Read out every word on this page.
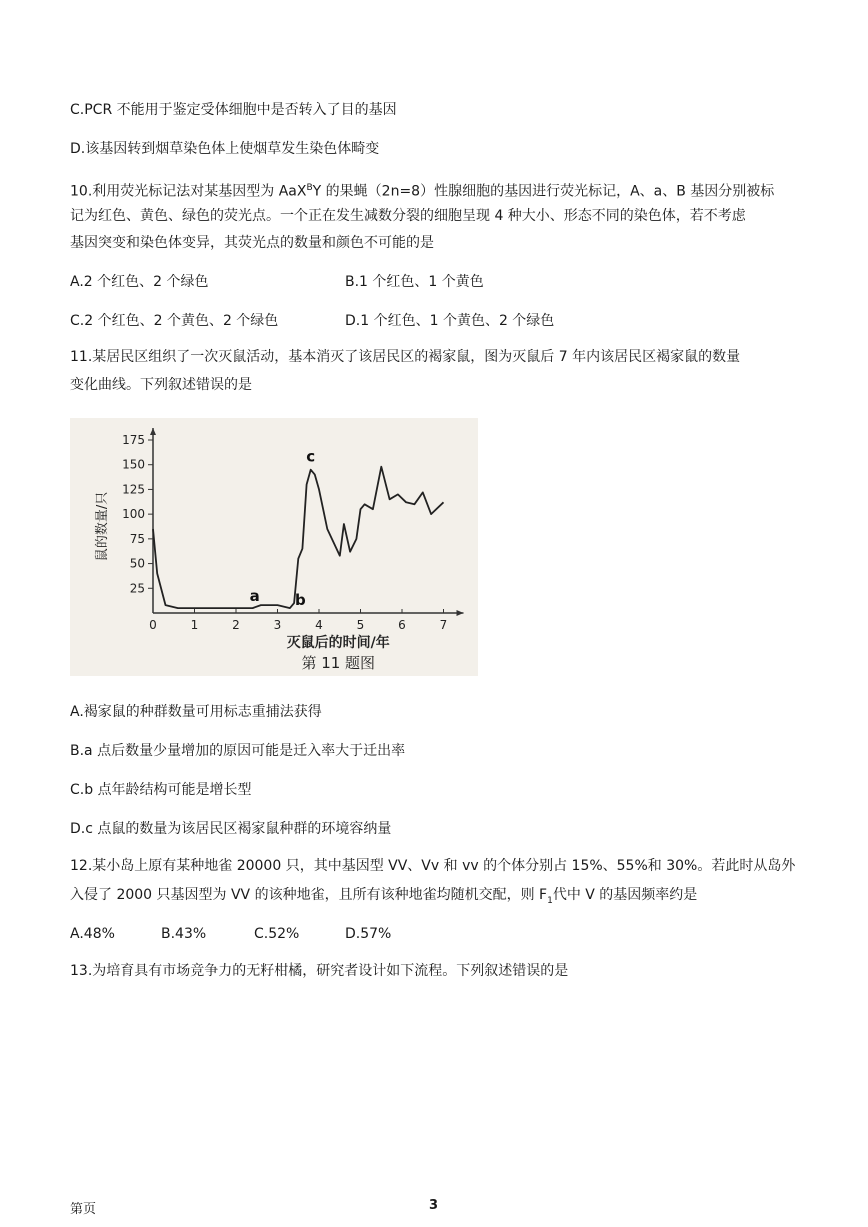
C.PCR 不能用于鉴定受体细胞中是否转入了目的基因
D.该基因转到烟草染色体上使烟草发生染色体畸变
10.利用荧光标记法对某基因型为 AaX$^B$Y 的果蝇（2n=8）性腺细胞的基因进行荧光标记，A、a、B 基因分别被标
记为红色、黄色、绿色的荧光点。一个正在发生减数分裂的细胞呈现 4 种大小、形态不同的染色体，若不考虑
基因突变和染色体变异，其荧光点的数量和颜色不可能的是
A.2 个红色、2 个绿色	B.1 个红色、1 个黄色
C.2 个红色、2 个黄色、2 个绿色	D.1 个红色、1 个黄色、2 个绿色
11.某居民区组织了一次灭鼠活动，基本消灭了该居民区的褐家鼠，图为灭鼠后 7 年内该居民区褐家鼠的数量
变化曲线。下列叙述错误的是
0	1	2	3	4	5	6	7
25
50
75
100
125
150
175
鼠的数量/只
灭鼠后的时间/年
第 11 题图
a b
c
A.褐家鼠的种群数量可用标志重捕法获得
B.a 点后数量少量增加的原因可能是迁入率大于迁出率
C.b 点年龄结构可能是增长型
D.c 点鼠的数量为该居民区褐家鼠种群的环境容纳量
12.某小岛上原有某种地雀 20000 只，其中基因型 VV、Vv 和 vv 的个体分别占 15%、55%和 30%。若此时从岛外
入侵了 2000 只基因型为 VV 的该种地雀，且所有该种地雀均随机交配，则 $F_1$代中 V 的基因频率约是
A.48%	B.43%	C.52%	D.57%
13.为培育具有市场竞争力的无籽柑橘，研究者设计如下流程。下列叙述错误的是
第页	3
